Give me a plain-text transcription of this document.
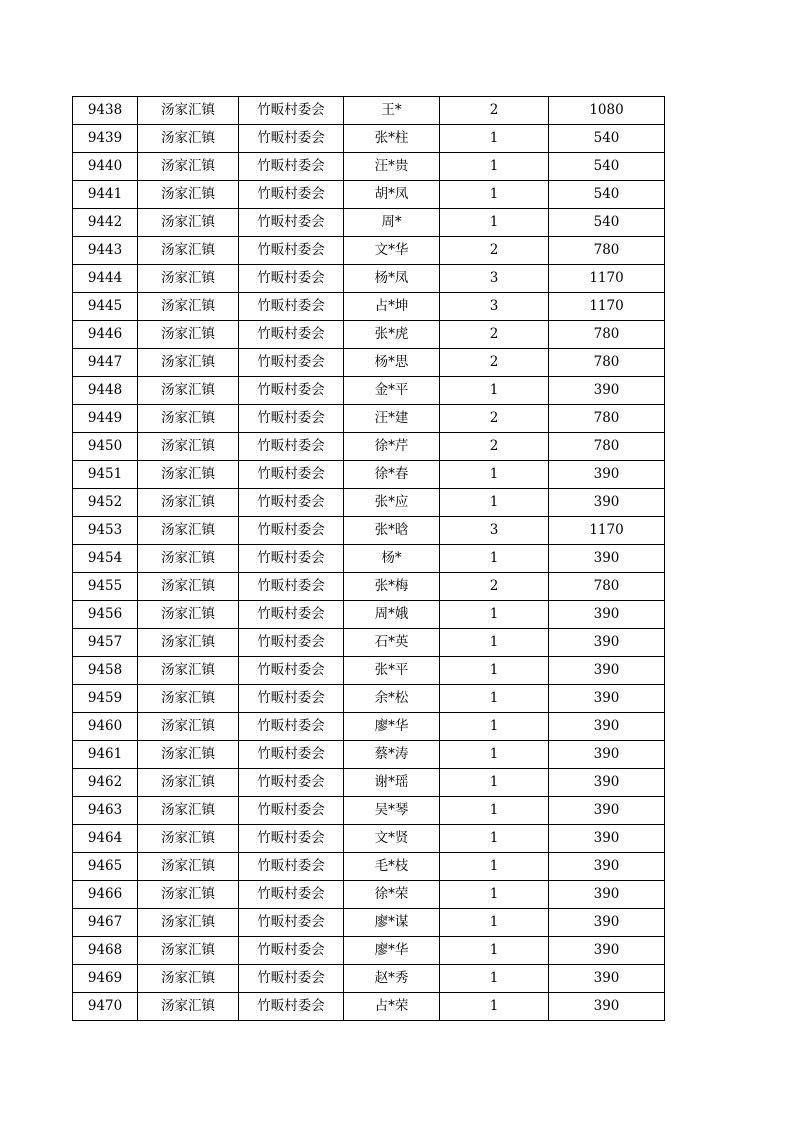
9438	汤家汇镇	竹畈村委会	王*	2	1080
9439	汤家汇镇	竹畈村委会	张*柱	1	540
9440	汤家汇镇	竹畈村委会	汪*贵	1	540
9441	汤家汇镇	竹畈村委会	胡*凤	1	540
9442	汤家汇镇	竹畈村委会	周*	1	540
9443	汤家汇镇	竹畈村委会	文*华	2	780
9444	汤家汇镇	竹畈村委会	杨*凤	3	1170
9445	汤家汇镇	竹畈村委会	占*坤	3	1170
9446	汤家汇镇	竹畈村委会	张*虎	2	780
9447	汤家汇镇	竹畈村委会	杨*思	2	780
9448	汤家汇镇	竹畈村委会	金*平	1	390
9449	汤家汇镇	竹畈村委会	汪*建	2	780
9450	汤家汇镇	竹畈村委会	徐*芹	2	780
9451	汤家汇镇	竹畈村委会	徐*春	1	390
9452	汤家汇镇	竹畈村委会	张*应	1	390
9453	汤家汇镇	竹畈村委会	张*晗	3	1170
9454	汤家汇镇	竹畈村委会	杨*	1	390
9455	汤家汇镇	竹畈村委会	张*梅	2	780
9456	汤家汇镇	竹畈村委会	周*娥	1	390
9457	汤家汇镇	竹畈村委会	石*英	1	390
9458	汤家汇镇	竹畈村委会	张*平	1	390
9459	汤家汇镇	竹畈村委会	余*松	1	390
9460	汤家汇镇	竹畈村委会	廖*华	1	390
9461	汤家汇镇	竹畈村委会	蔡*涛	1	390
9462	汤家汇镇	竹畈村委会	谢*瑶	1	390
9463	汤家汇镇	竹畈村委会	吴*琴	1	390
9464	汤家汇镇	竹畈村委会	文*贤	1	390
9465	汤家汇镇	竹畈村委会	毛*枝	1	390
9466	汤家汇镇	竹畈村委会	徐*荣	1	390
9467	汤家汇镇	竹畈村委会	廖*谋	1	390
9468	汤家汇镇	竹畈村委会	廖*华	1	390
9469	汤家汇镇	竹畈村委会	赵*秀	1	390
9470	汤家汇镇	竹畈村委会	占*荣	1	390
